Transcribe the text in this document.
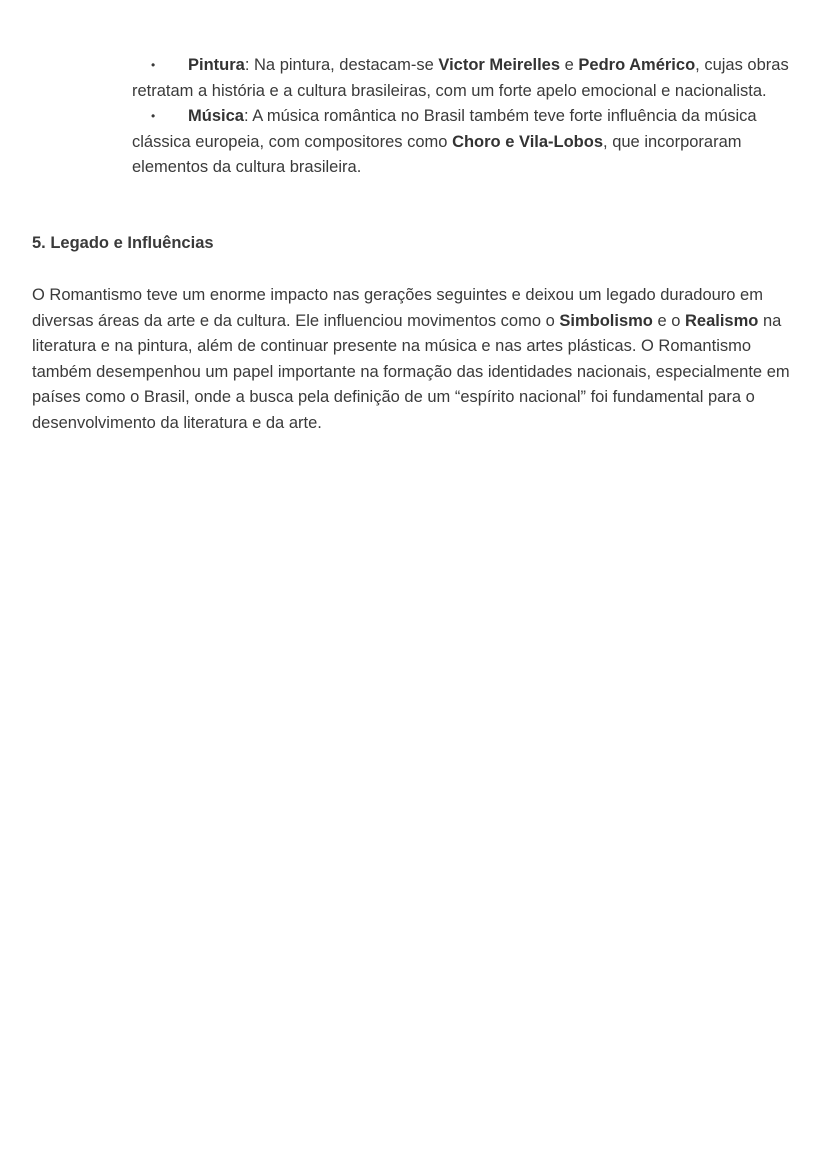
• Pintura: Na pintura, destacam-se Victor Meirelles e Pedro Américo, cujas obras retratam a história e a cultura brasileiras, com um forte apelo emocional e nacionalista.

• Música: A música romântica no Brasil também teve forte influência da música clássica europeia, com compositores como Choro e Vila-Lobos, que incorporaram elementos da cultura brasileira.

5. Legado e Influências

O Romantismo teve um enorme impacto nas gerações seguintes e deixou um legado duradouro em diversas áreas da arte e da cultura. Ele influenciou movimentos como o Simbolismo e o Realismo na literatura e na pintura, além de continuar presente na música e nas artes plásticas. O Romantismo também desempenhou um papel importante na formação das identidades nacionais, especialmente em países como o Brasil, onde a busca pela definição de um “espírito nacional” foi fundamental para o desenvolvimento da literatura e da arte.
